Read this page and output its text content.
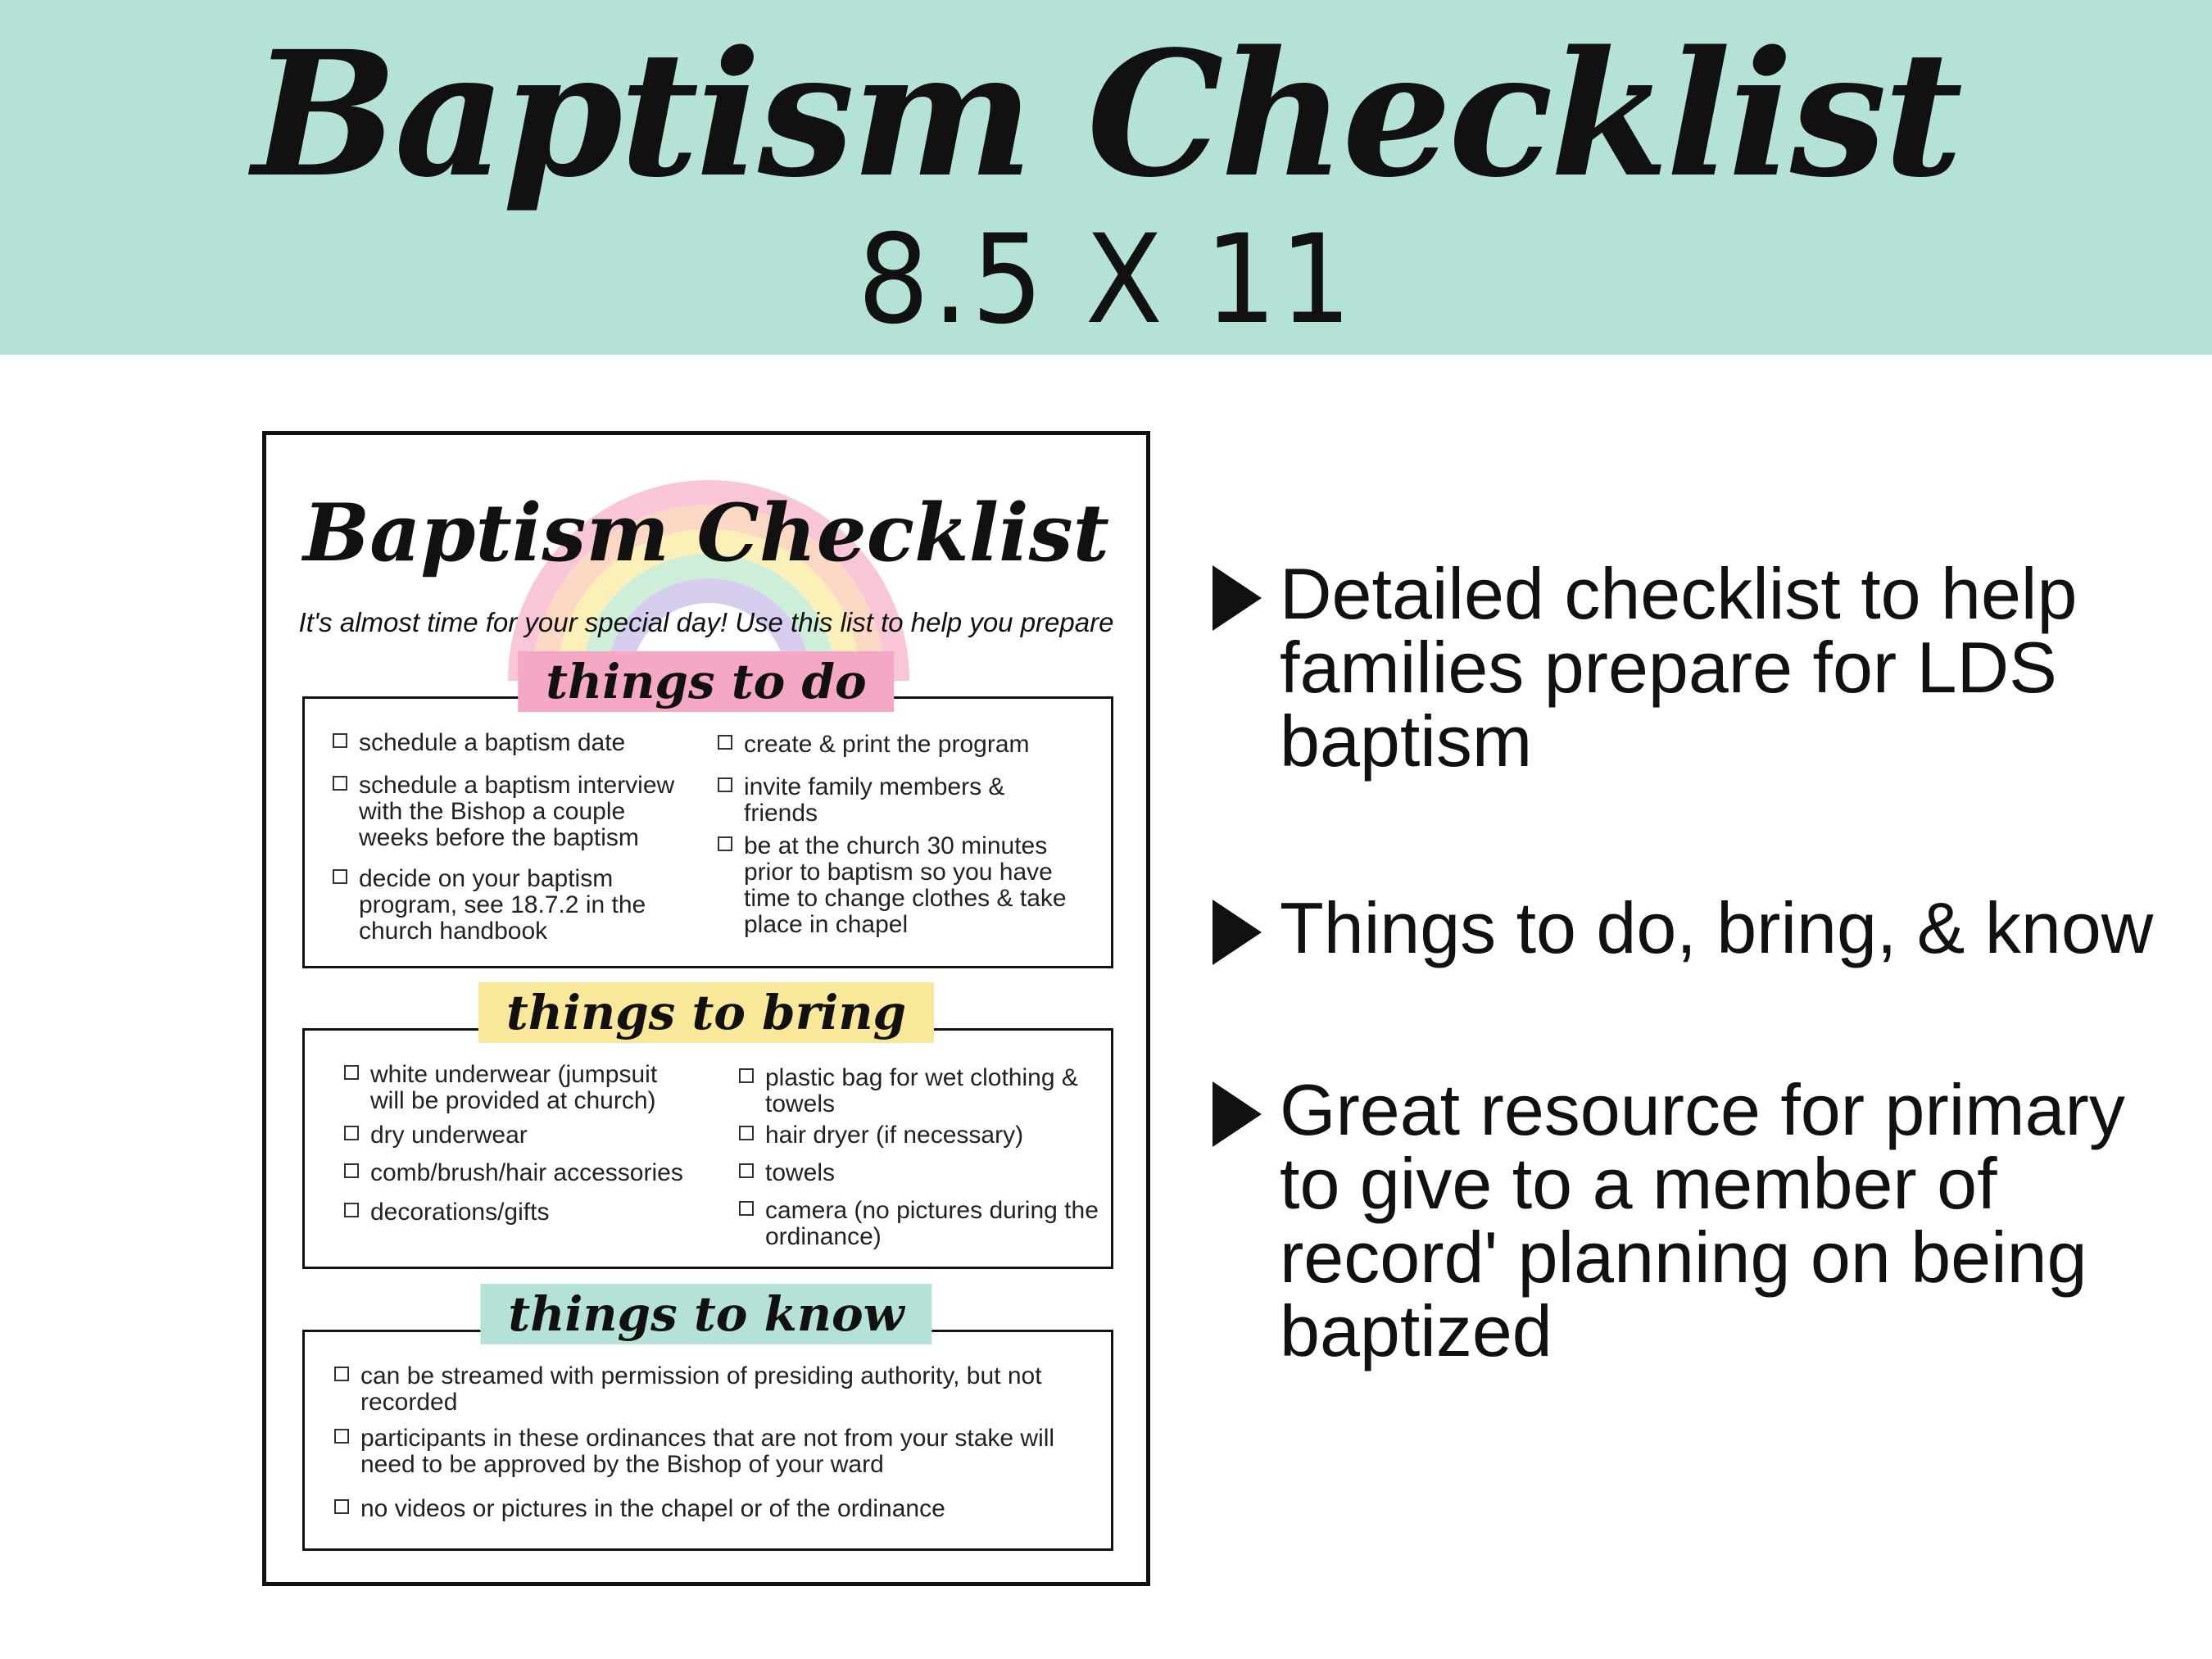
Baptism Checklist
8.5 X 11
Baptism Checklist
It's almost time for your special day! Use this list to help you prepare
schedule a baptism date
schedule a baptism interview with the Bishop a couple weeks before the baptism
decide on your baptism program, see 18.7.2 in the church handbook
create & print the program
invite family members & friends
be at the church 30 minutes prior to baptism so you have time to change clothes & take place in chapel
things to do
white underwear (jumpsuit will be provided at church)
dry underwear
comb/brush/hair accessories
decorations/gifts
plastic bag for wet clothing & towels
hair dryer (if necessary)
towels
camera (no pictures during the ordinance)
things to bring
can be streamed with permission of presiding authority, but not recorded
participants in these ordinances that are not from your stake will need to be approved by the Bishop of your ward
no videos or pictures in the chapel or of the ordinance
things to know
Detailed checklist to help families prepare for LDS baptism
Things to do, bring, & know
Great resource for primary to give to a member of record' planning on being baptized
